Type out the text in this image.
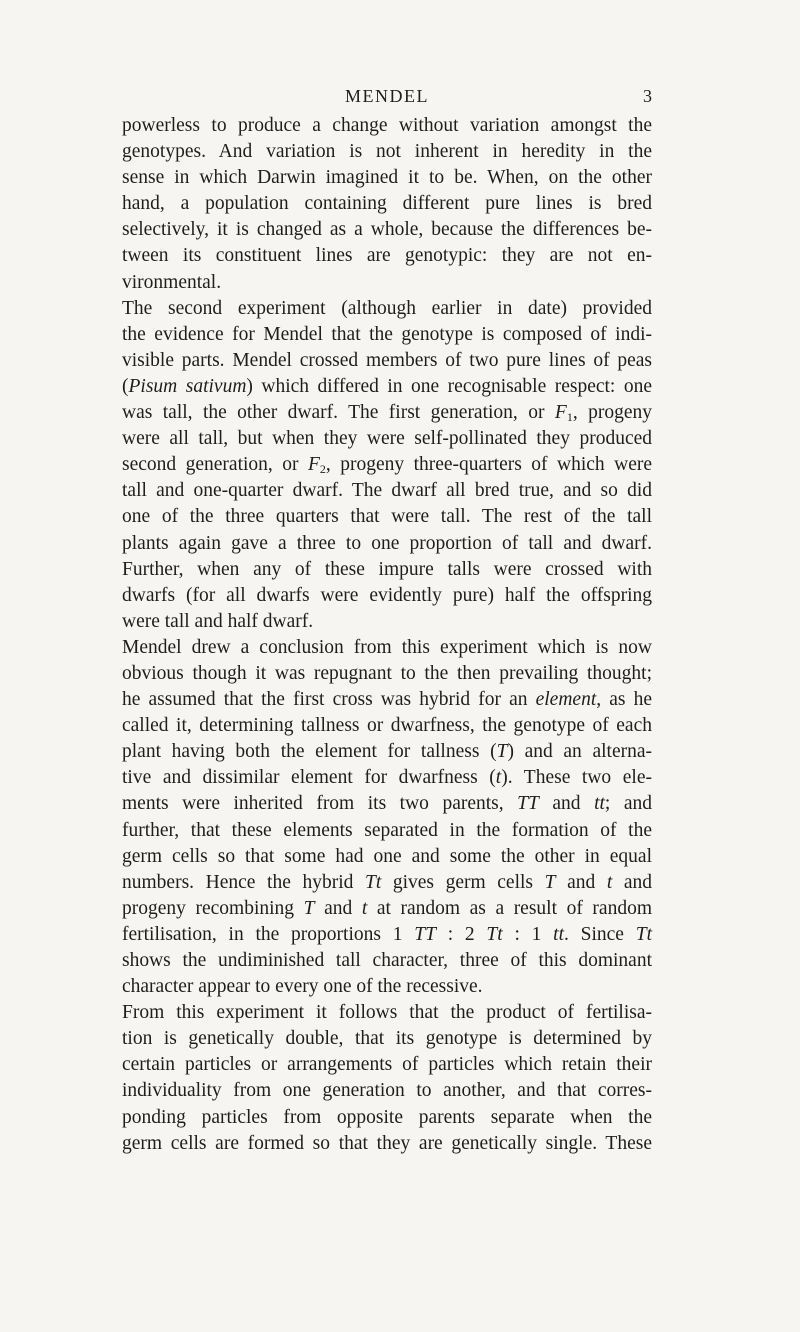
MENDEL	3
powerless to produce a change without variation amongst the
genotypes. And variation is not inherent in heredity in the
sense in which Darwin imagined it to be. When, on the other
hand, a population containing different pure lines is bred
selectively, it is changed as a whole, because the differences be-
tween its constituent lines are genotypic: they are not en-
vironmental.
The second experiment (although earlier in date) provided
the evidence for Mendel that the genotype is composed of indi-
visible parts. Mendel crossed members of two pure lines of peas
(Pisum sativum) which differed in one recognisable respect: one
was tall, the other dwarf. The first generation, or $F_1$, progeny
were all tall, but when they were self-pollinated they produced
second generation, or $F_2$, progeny three-quarters of which were
tall and one-quarter dwarf. The dwarf all bred true, and so did
one of the three quarters that were tall. The rest of the tall
plants again gave a three to one proportion of tall and dwarf.
Further, when any of these impure talls were crossed with
dwarfs (for all dwarfs were evidently pure) half the offspring
were tall and half dwarf.
Mendel drew a conclusion from this experiment which is now
obvious though it was repugnant to the then prevailing thought;
he assumed that the first cross was hybrid for an element, as he
called it, determining tallness or dwarfness, the genotype of each
plant having both the element for tallness (T) and an alterna-
tive and dissimilar element for dwarfness (t). These two ele-
ments were inherited from its two parents, TT and tt; and
further, that these elements separated in the formation of the
germ cells so that some had one and some the other in equal
numbers. Hence the hybrid Tt gives germ cells T and t and
progeny recombining T and t at random as a result of random
fertilisation, in the proportions 1 TT : 2 Tt : 1 tt. Since Tt
shows the undiminished tall character, three of this dominant
character appear to every one of the recessive.
From this experiment it follows that the product of fertilisa-
tion is genetically double, that its genotype is determined by
certain particles or arrangements of particles which retain their
individuality from one generation to another, and that corres-
ponding particles from opposite parents separate when the
germ cells are formed so that they are genetically single. These
